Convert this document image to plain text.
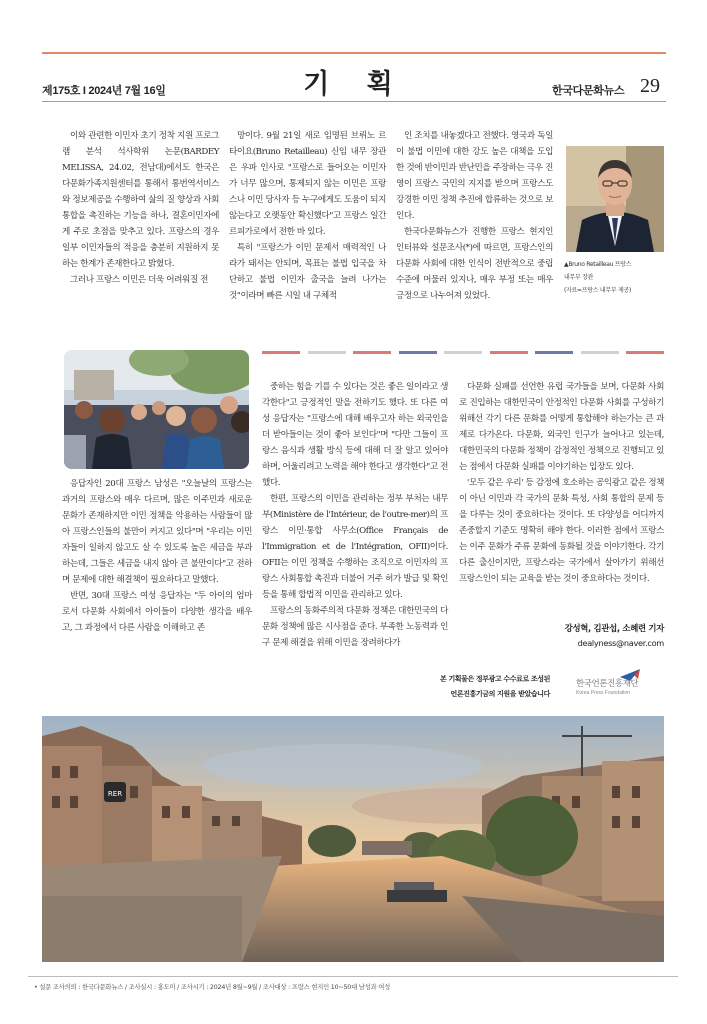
제175호 I 2024년 7월 16일	기 획	한국다문화뉴스 29

이와 관련한 이민자 초기 정착 지원 프로그램 분석 석사학위 논문(BARDEY MELISSA, 24.02, 전남대)에서도 한국은 다문화가족지원센터를 통해서 통번역서비스와 정보제공을 수행하여 삶의 질 향상과 사회 통합을 촉진하는 기능을 하나, 결혼이민자에게 주로 초점을 맞추고 있다. 프랑스의 경우 일부 이민자들의 적응을 충분히 지원하지 못하는 한계가 존재한다고 밝혔다.

그러나 프랑스 이민은 더욱 어려워질 전

망이다. 9월 21일 새로 임명된 브뤼노 르타이요(Bruno Retailleau) 신임 내무 장관은 우파 인사로 "프랑스로 들어오는 이민자가 너무 많으며, 통제되지 않는 이민은 프랑스나 이민 당사자 등 누구에게도 도움이 되지 않는다고 오랫동안 확신했다"고 프랑스 일간 르피가로에서 전한 바 있다.

특히 "프랑스가 이민 문제서 매력적인 나라가 돼서는 안되며, 목표는 불법 입국을 차단하고 불법 이민자 출국을 늘려 나가는 것"이라며 빠른 시일 내 구체적

인 조치를 내놓겠다고 전했다. 영국과 독일이 불법 이민에 대한 강도 높은 대책을 도입한 것에 반이민과 반난민을 주장하는 극우 진영이 프랑스 국민의 지지를 받으며 프랑스도 강경한 이민 정책 추진에 합류하는 것으로 보인다.

한국다문화뉴스가 진행한 프랑스 현지인 인터뷰와 설문조사(*)에 따르면, 프랑스인의 다문화 사회에 대한 인식이 전반적으로 중립 수준에 머물러 있지나, 매우 부정 또는 매우 긍정으로 나누어져 있었다.

▲Bruno Retailleau 프랑스
내무부 장관
(자료=프랑스 내무부 제공)

응답자인 20대 프랑스 남성은 "오늘날의 프랑스는 과거의 프랑스와 매우 다르며, 많은 이주민과 새로운 문화가 존재하지만 이민 정책을 악용하는 사람들이 많아 프랑스인들의 불만이 커지고 있다"며 "우리는 이민자들이 일하지 않고도 살 수 있도록 높은 세금을 부과하는데, 그들은 세금을 내지 않아 큰 불만이다"고 전하며 문제에 대한 해결책이 필요하다고 말했다.

반면, 30대 프랑스 여성 응답자는 "두 아이의 엄마로서 다문화 사회에서 아이들이 다양한 생각을 배우고, 그 과정에서 다른 사람을 이해하고 존

중하는 힘을 기를 수 있다는 것은 좋은 일이라고 생각한다"고 긍정적인 말을 전하기도 했다. 또 다른 여성 응답자는 "프랑스에 대해 배우고자 하는 외국인을 더 받아들이는 것이 좋아 보인다"며 "다만 그들이 프랑스 음식과 생활 방식 등에 대해 더 잘 알고 있어야 하며, 어울리려고 노력을 해야 한다고 생각한다"고 전했다.

한편, 프랑스의 이민을 관리하는 정부 부처는 내무부(Ministère de l'Intérieur, de l'outre-mer)의 프랑스 이민·통합 사무소(Office Français de l'Immigration et de l'Intégration, OFII)이다. OFII는 이민 정책을 수행하는 조직으로 이민자의 프랑스 사회통합 촉진과 더불어 거주 허가 발급 및 확인 등을 통해 합법적 이민을 관리하고 있다.

프랑스의 동화주의적 다문화 정책은 대한민국의 다문화 정책에 많은 시사점을 준다. 부족한 노동력과 인구 문제 해결을 위해 이민을 장려하다가

다문화 실패를 선언한 유럽 국가들을 보며, 다문화 사회로 진입하는 대한민국이 안정적인 다문화 사회를 구성하기 위해선 각기 다른 문화를 어떻게 통합해야 하는가는 큰 과제로 다가온다. 다문화, 외국인 인구가 늘어나고 있는데, 대한민국의 다문화 정책이 감정적인 정책으로 진행되고 있는 점에서 다문화 실패를 이야기하는 입장도 있다.

'모두 같은 우리' 등 감정에 호소하는 공익광고 같은 정책이 아닌 이민과 각 국가의 문화 특성, 사회 통합의 문제 등을 다루는 것이 중요하다는 것이다. 또 다양성을 어디까지 존중할지 기준도 명확히 해야 한다. 이러한 점에서 프랑스는 이주 문화가 주류 문화에 동화될 것을 이야기한다. 각기 다른 출신이지만, 프랑스라는 국가에서 살아가기 위해선 프랑스인이 되는 교육을 받는 것이 중요하다는 것이다.

강성혁, 김관섭, 소혜련 기자
dealyness@naver.com
본 기획물은 정부광고 수수료로 조성된
언론진흥기금의 지원을 받았습니다
한국언론진흥재단
Korea Press Foundation
RER
• 설문 조사의뢰 : 한국다문화뉴스 / 조사실시 : 홍도미 / 조사시기 : 2024년 8월~9월 / 조사대상 : 프랑스 현지인 10~50대 남성과 여성
